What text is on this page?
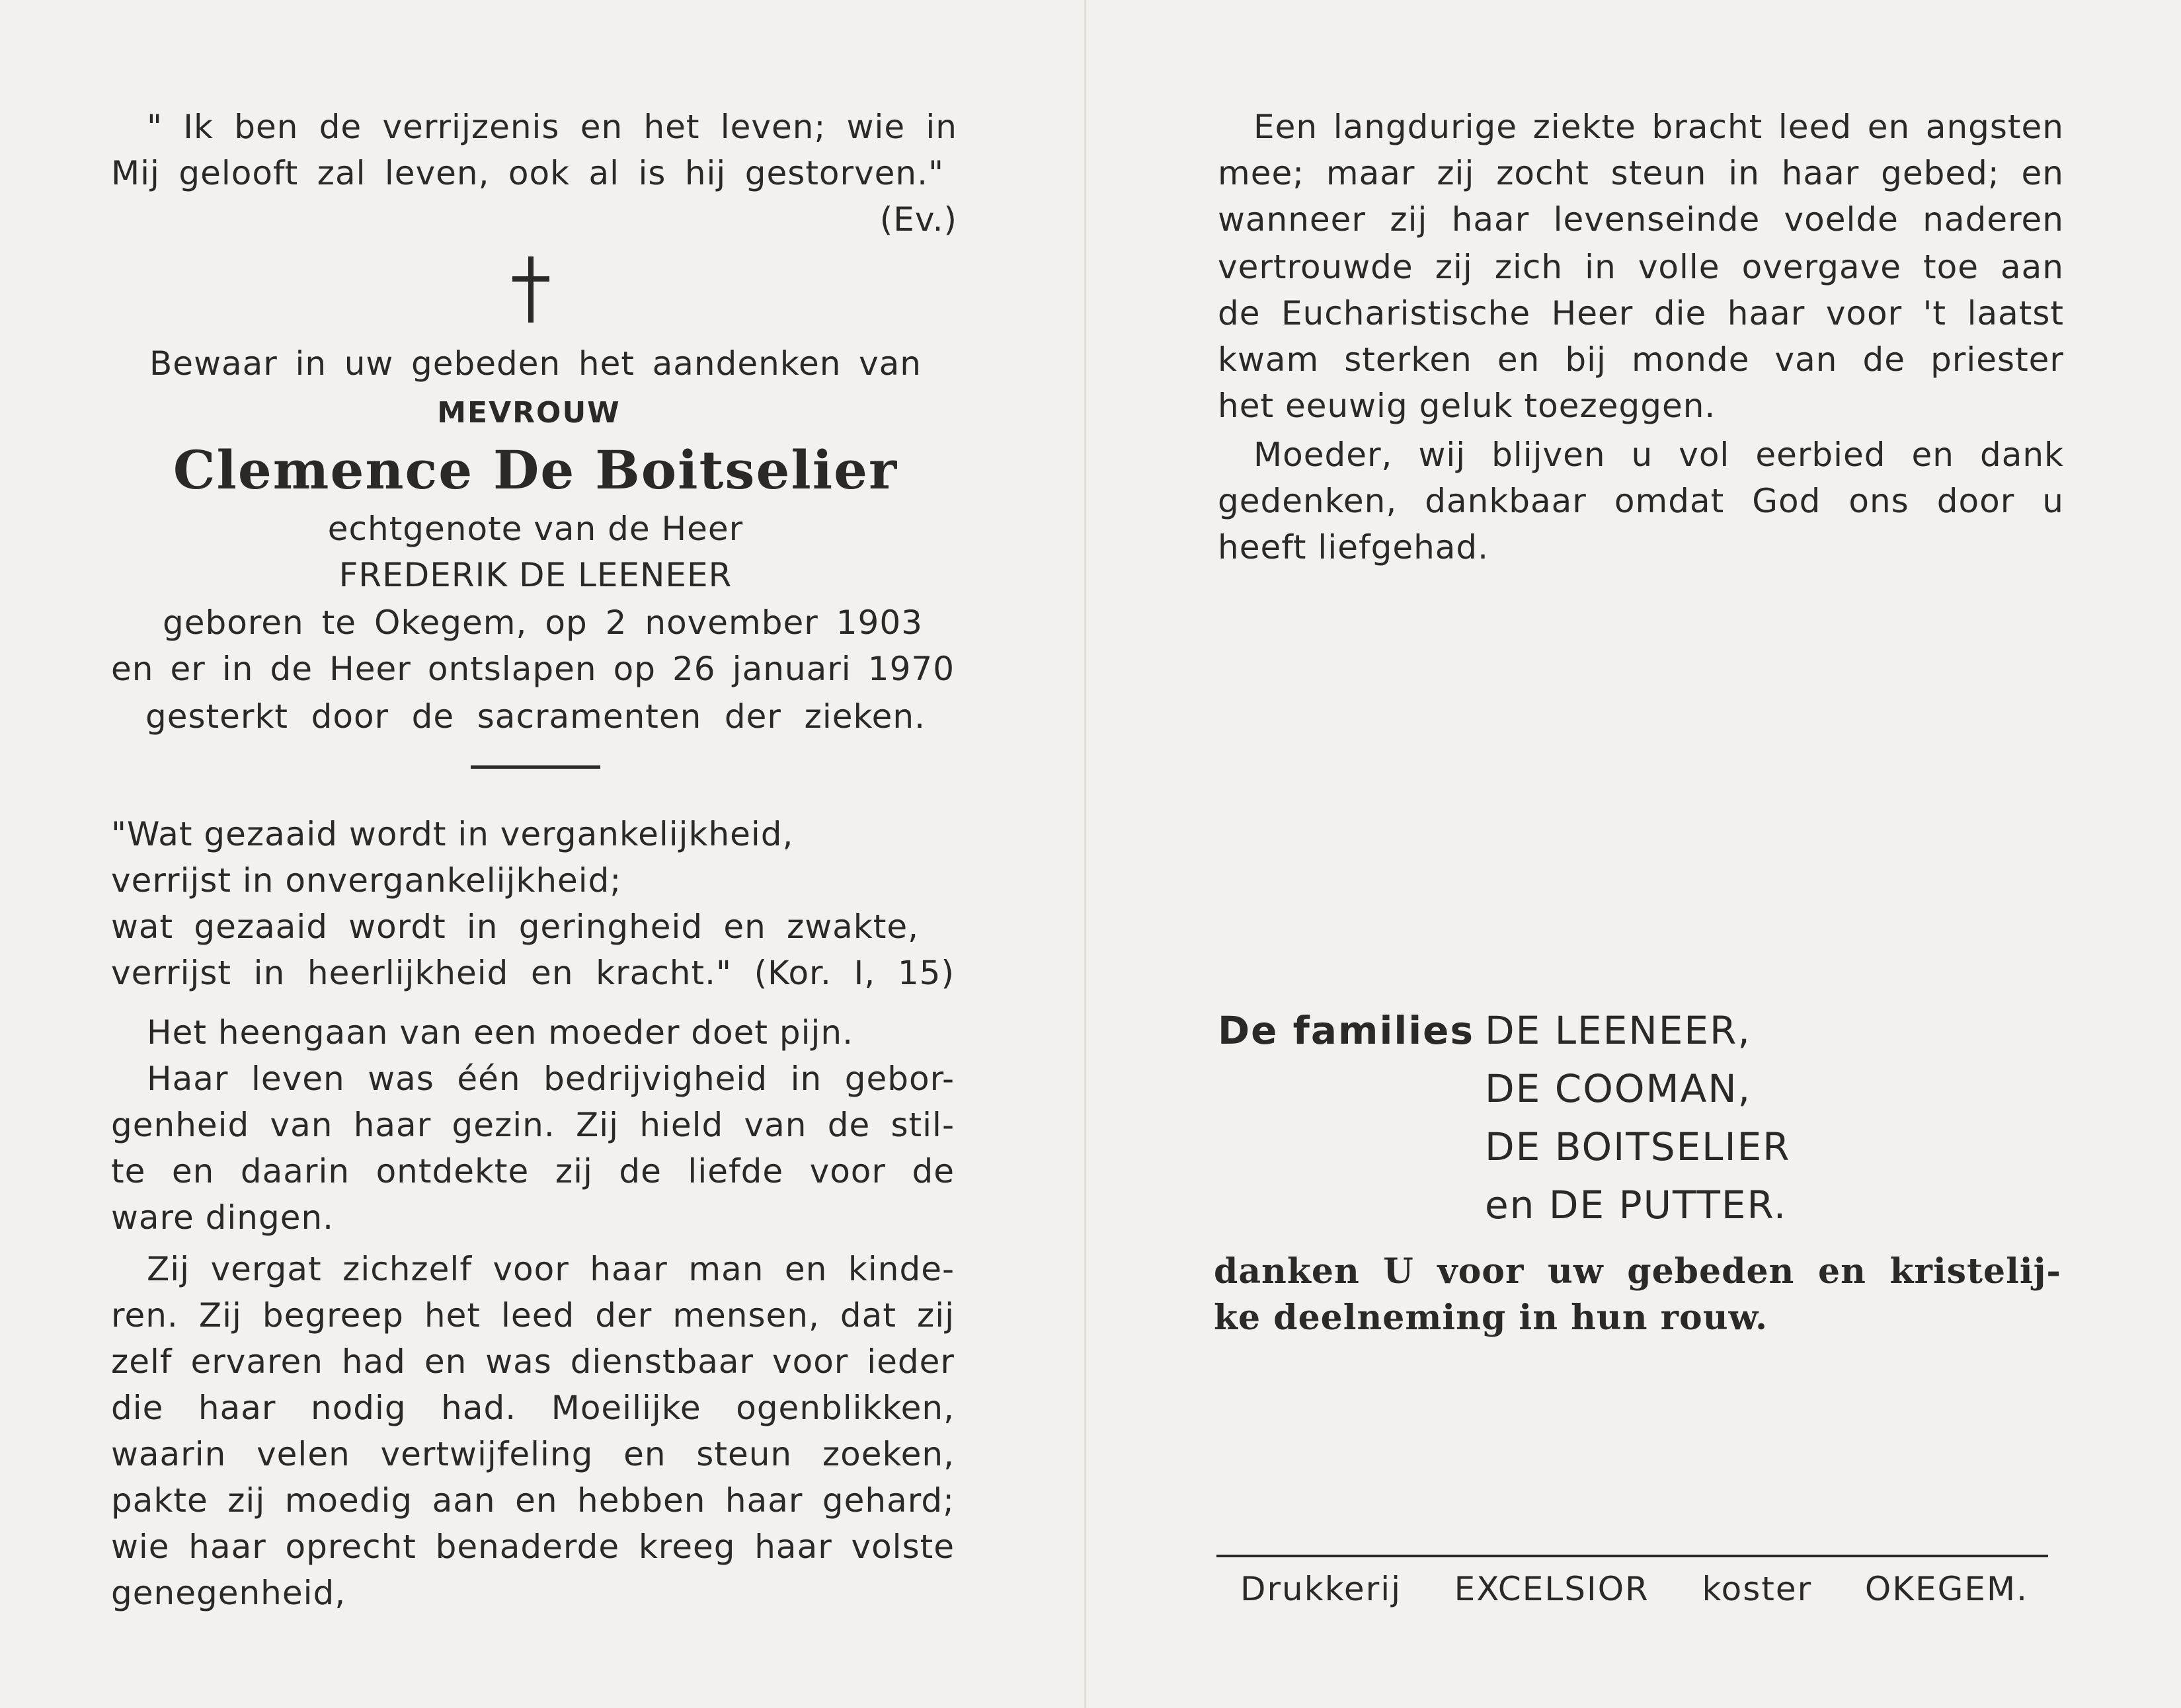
" Ik ben de verrijzenis en het leven; wie in
Mij gelooft zal leven, ook al is hij gestorven."
(Ev.)
Bewaar in uw gebeden het aandenken van
MEVROUW
Clemence De Boitselier
echtgenote van de Heer
FREDERIK DE LEENEER
geboren te Okegem, op 2 november 1903
en er in de Heer ontslapen op 26 januari 1970
gesterkt door de sacramenten der zieken.
"Wat gezaaid wordt in vergankelijkheid,
verrijst in onvergankelijkheid;
wat gezaaid wordt in geringheid en zwakte,
verrijst in heerlijkheid en kracht." (Kor. I, 15)
Het heengaan van een moeder doet pijn.
Haar leven was één bedrijvigheid in gebor-
genheid van haar gezin. Zij hield van de stil-
te en daarin ontdekte zij de liefde voor de
ware dingen.
Zij vergat zichzelf voor haar man en kinde-
ren. Zij begreep het leed der mensen, dat zij
zelf ervaren had en was dienstbaar voor ieder
die haar nodig had. Moeilijke ogenblikken,
waarin velen vertwijfeling en steun zoeken,
pakte zij moedig aan en hebben haar gehard;
wie haar oprecht benaderde kreeg haar volste
genegenheid,
Een langdurige ziekte bracht leed en angsten
mee; maar zij zocht steun in haar gebed; en
wanneer zij haar levenseinde voelde naderen
vertrouwde zij zich in volle overgave toe aan
de Eucharistische Heer die haar voor 't laatst
kwam sterken en bij monde van de priester
het eeuwig geluk toezeggen.
Moeder, wij blijven u vol eerbied en dank
gedenken, dankbaar omdat God ons door u
heeft liefgehad.
De families DE LEENEER,
DE COOMAN,
DE BOITSELIER
en DE PUTTER.
danken U voor uw gebeden en kristelij-
ke deelneming in hun rouw.
Drukkerij EXCELSIOR koster OKEGEM.
